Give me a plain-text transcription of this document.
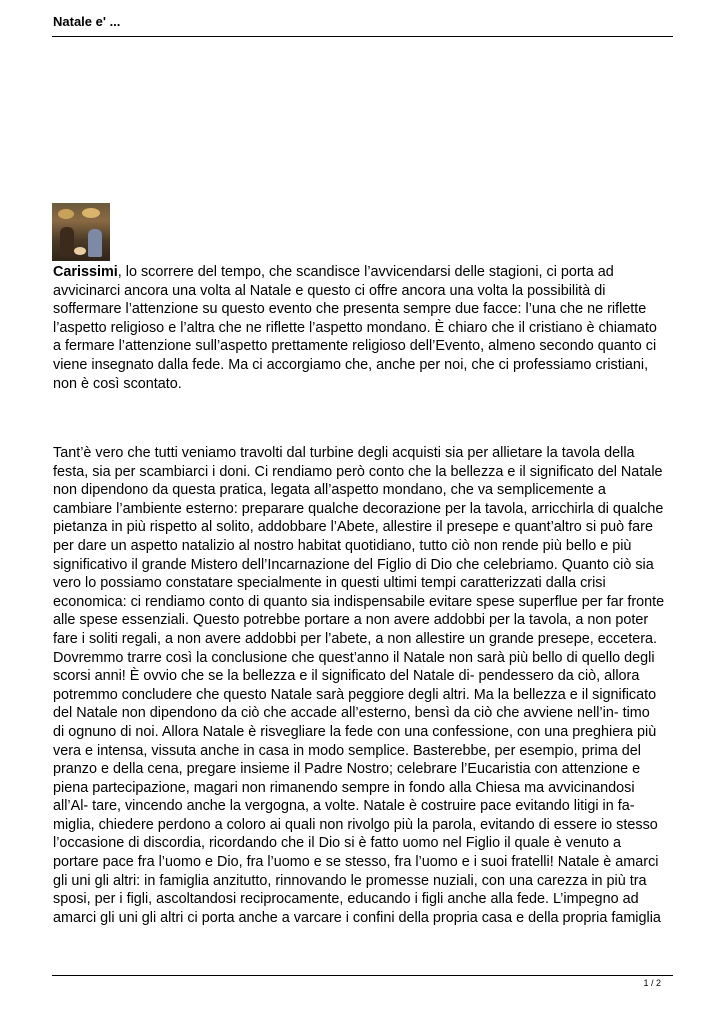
Natale e' ...
Carissimi, lo scorrere del tempo, che scandisce l’avvicendarsi delle stagioni, ci porta ad
avvicinarci ancora una volta al Natale e questo ci offre ancora una volta la possibilità di
soffermare l’attenzione su questo evento che presenta sempre due facce: l’una che ne riflette
l’aspetto religioso e l’altra che ne riflette l’aspetto mondano. È chiaro che il cristiano è chiamato
a fermare l’attenzione sull’aspetto prettamente religioso dell’Evento, almeno secondo quanto ci
viene insegnato dalla fede. Ma ci accorgiamo che, anche per noi, che ci professiamo cristiani,
non è così scontato.
Tant’è vero che tutti veniamo travolti dal turbine degli acquisti sia per allietare la tavola della
festa, sia per scambiarci i doni. Ci rendiamo però conto che la bellezza e il significato del Natale
non dipendono da questa pratica, legata all’aspetto mondano, che va semplicemente a
cambiare l’ambiente esterno: preparare qualche decorazione per la tavola, arricchirla di qualche
pietanza in più rispetto al solito, addobbare l’Abete, allestire il presepe e quant’altro si può fare
per dare un aspetto natalizio al nostro habitat quotidiano, tutto ciò non rende più bello e più
significativo il grande Mistero dell’Incarnazione del Figlio di Dio che celebriamo. Quanto ciò sia
vero lo possiamo constatare specialmente in questi ultimi tempi caratterizzati dalla crisi
economica: ci rendiamo conto di quanto sia indispensabile evitare spese superflue per far fronte
alle spese essenziali. Questo potrebbe portare a non avere addobbi per la tavola, a non poter
fare i soliti regali, a non avere addobbi per l’abete, a non allestire un grande presepe, eccetera.
Dovremmo trarre così la conclusione che quest’anno il Natale non sarà più bello di quello degli
scorsi anni! È ovvio che se la bellezza e il significato del Natale di- pendessero da ciò, allora
potremmo concludere che questo Natale sarà peggiore degli altri. Ma la bellezza e il significato
del Natale non dipendono da ciò che accade all’esterno, bensì da ciò che avviene nell’in- timo
di ognuno di noi. Allora Natale è risvegliare la fede con una confessione, con una preghiera più
vera e intensa, vissuta anche in casa in modo semplice. Basterebbe, per esempio, prima del
pranzo e della cena, pregare insieme il Padre Nostro; celebrare l’Eucaristia con attenzione e
piena partecipazione, magari non rimanendo sempre in fondo alla Chiesa ma avvicinandosi
all’Al- tare, vincendo anche la vergogna, a volte. Natale è costruire pace evitando litigi in fa-
miglia, chiedere perdono a coloro ai quali non rivolgo più la parola, evitando di essere io stesso
l’occasione di discordia, ricordando che il Dio si è fatto uomo nel Figlio il quale è venuto a
portare pace fra l’uomo e Dio, fra l’uomo e se stesso, fra l’uomo e i suoi fratelli! Natale è amarci
gli uni gli altri: in famiglia anzitutto, rinnovando le promesse nuziali, con una carezza in più tra
sposi, per i figli, ascoltandosi reciprocamente, educando i figli anche alla fede. L’impegno ad
amarci gli uni gli altri ci porta anche a varcare i confini della propria casa e della propria famiglia
1 / 2
